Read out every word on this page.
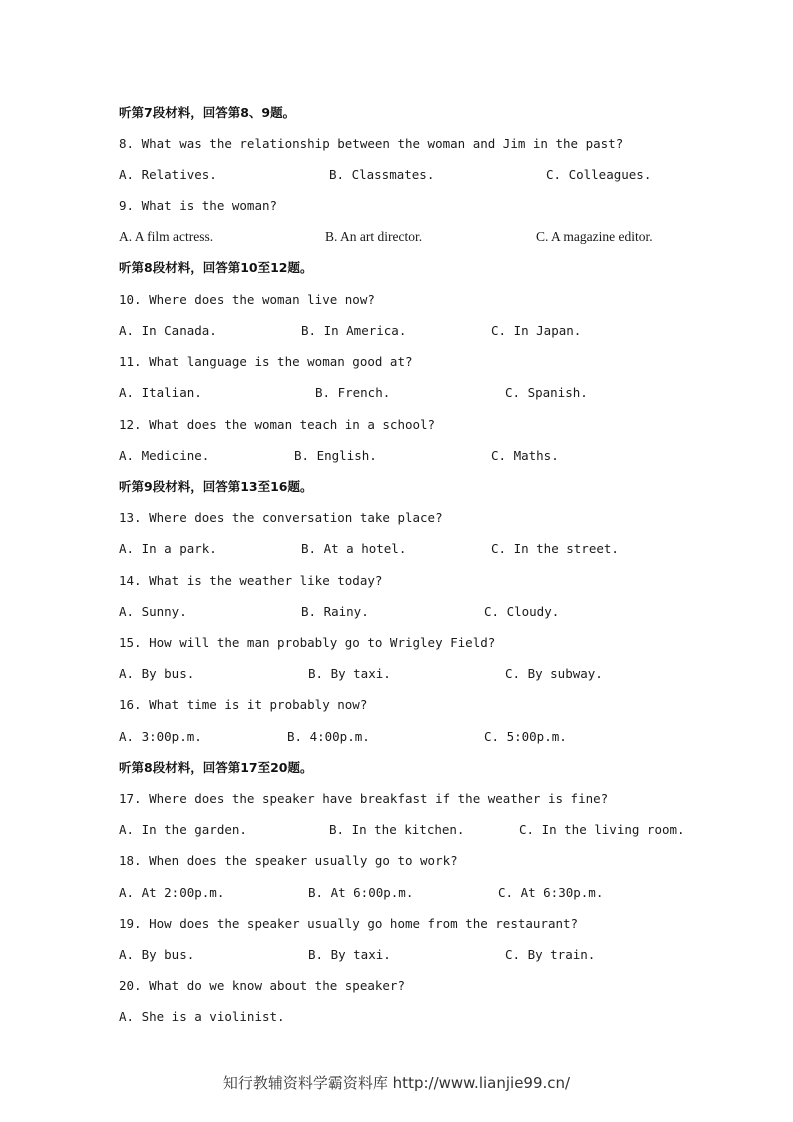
听第7段材料，回答第8、9题。
8. What was the relationship between the woman and Jim in the past?
A. Relatives.	B. Classmates.	C. Colleagues.
9. What is the woman?
A. A film actress.	B. An art director.	C. A magazine editor.
听第8段材料，回答第10至12题。
10. Where does the woman live now?
A. In Canada.	B. In America.	C. In Japan.
11. What language is the woman good at?
A. Italian.	B. French.	C. Spanish.
12. What does the woman teach in a school?
A. Medicine.	B. English.	C. Maths.
听第9段材料，回答第13至16题。
13. Where does the conversation take place?
A. In a park.	B. At a hotel.	C. In the street.
14. What is the weather like today?
A. Sunny.	B. Rainy.	C. Cloudy.
15. How will the man probably go to Wrigley Field?
A. By bus.	B. By taxi.	C. By subway.
16. What time is it probably now?
A. 3:00p.m.	B. 4:00p.m.	C. 5:00p.m.
听第8段材料，回答第17至20题。
17. Where does the speaker have breakfast if the weather is fine?
A. In the garden.	B. In the kitchen.	C. In the living room.
18. When does the speaker usually go to work?
A. At 2:00p.m.	B. At 6:00p.m.	C. At 6:30p.m.
19. How does the speaker usually go home from the restaurant?
A. By bus.	B. By taxi.	C. By train.
20. What do we know about the speaker?
A. She is a violinist.
知行教辅资料学霸资料库 http://www.lianjie99.cn/
